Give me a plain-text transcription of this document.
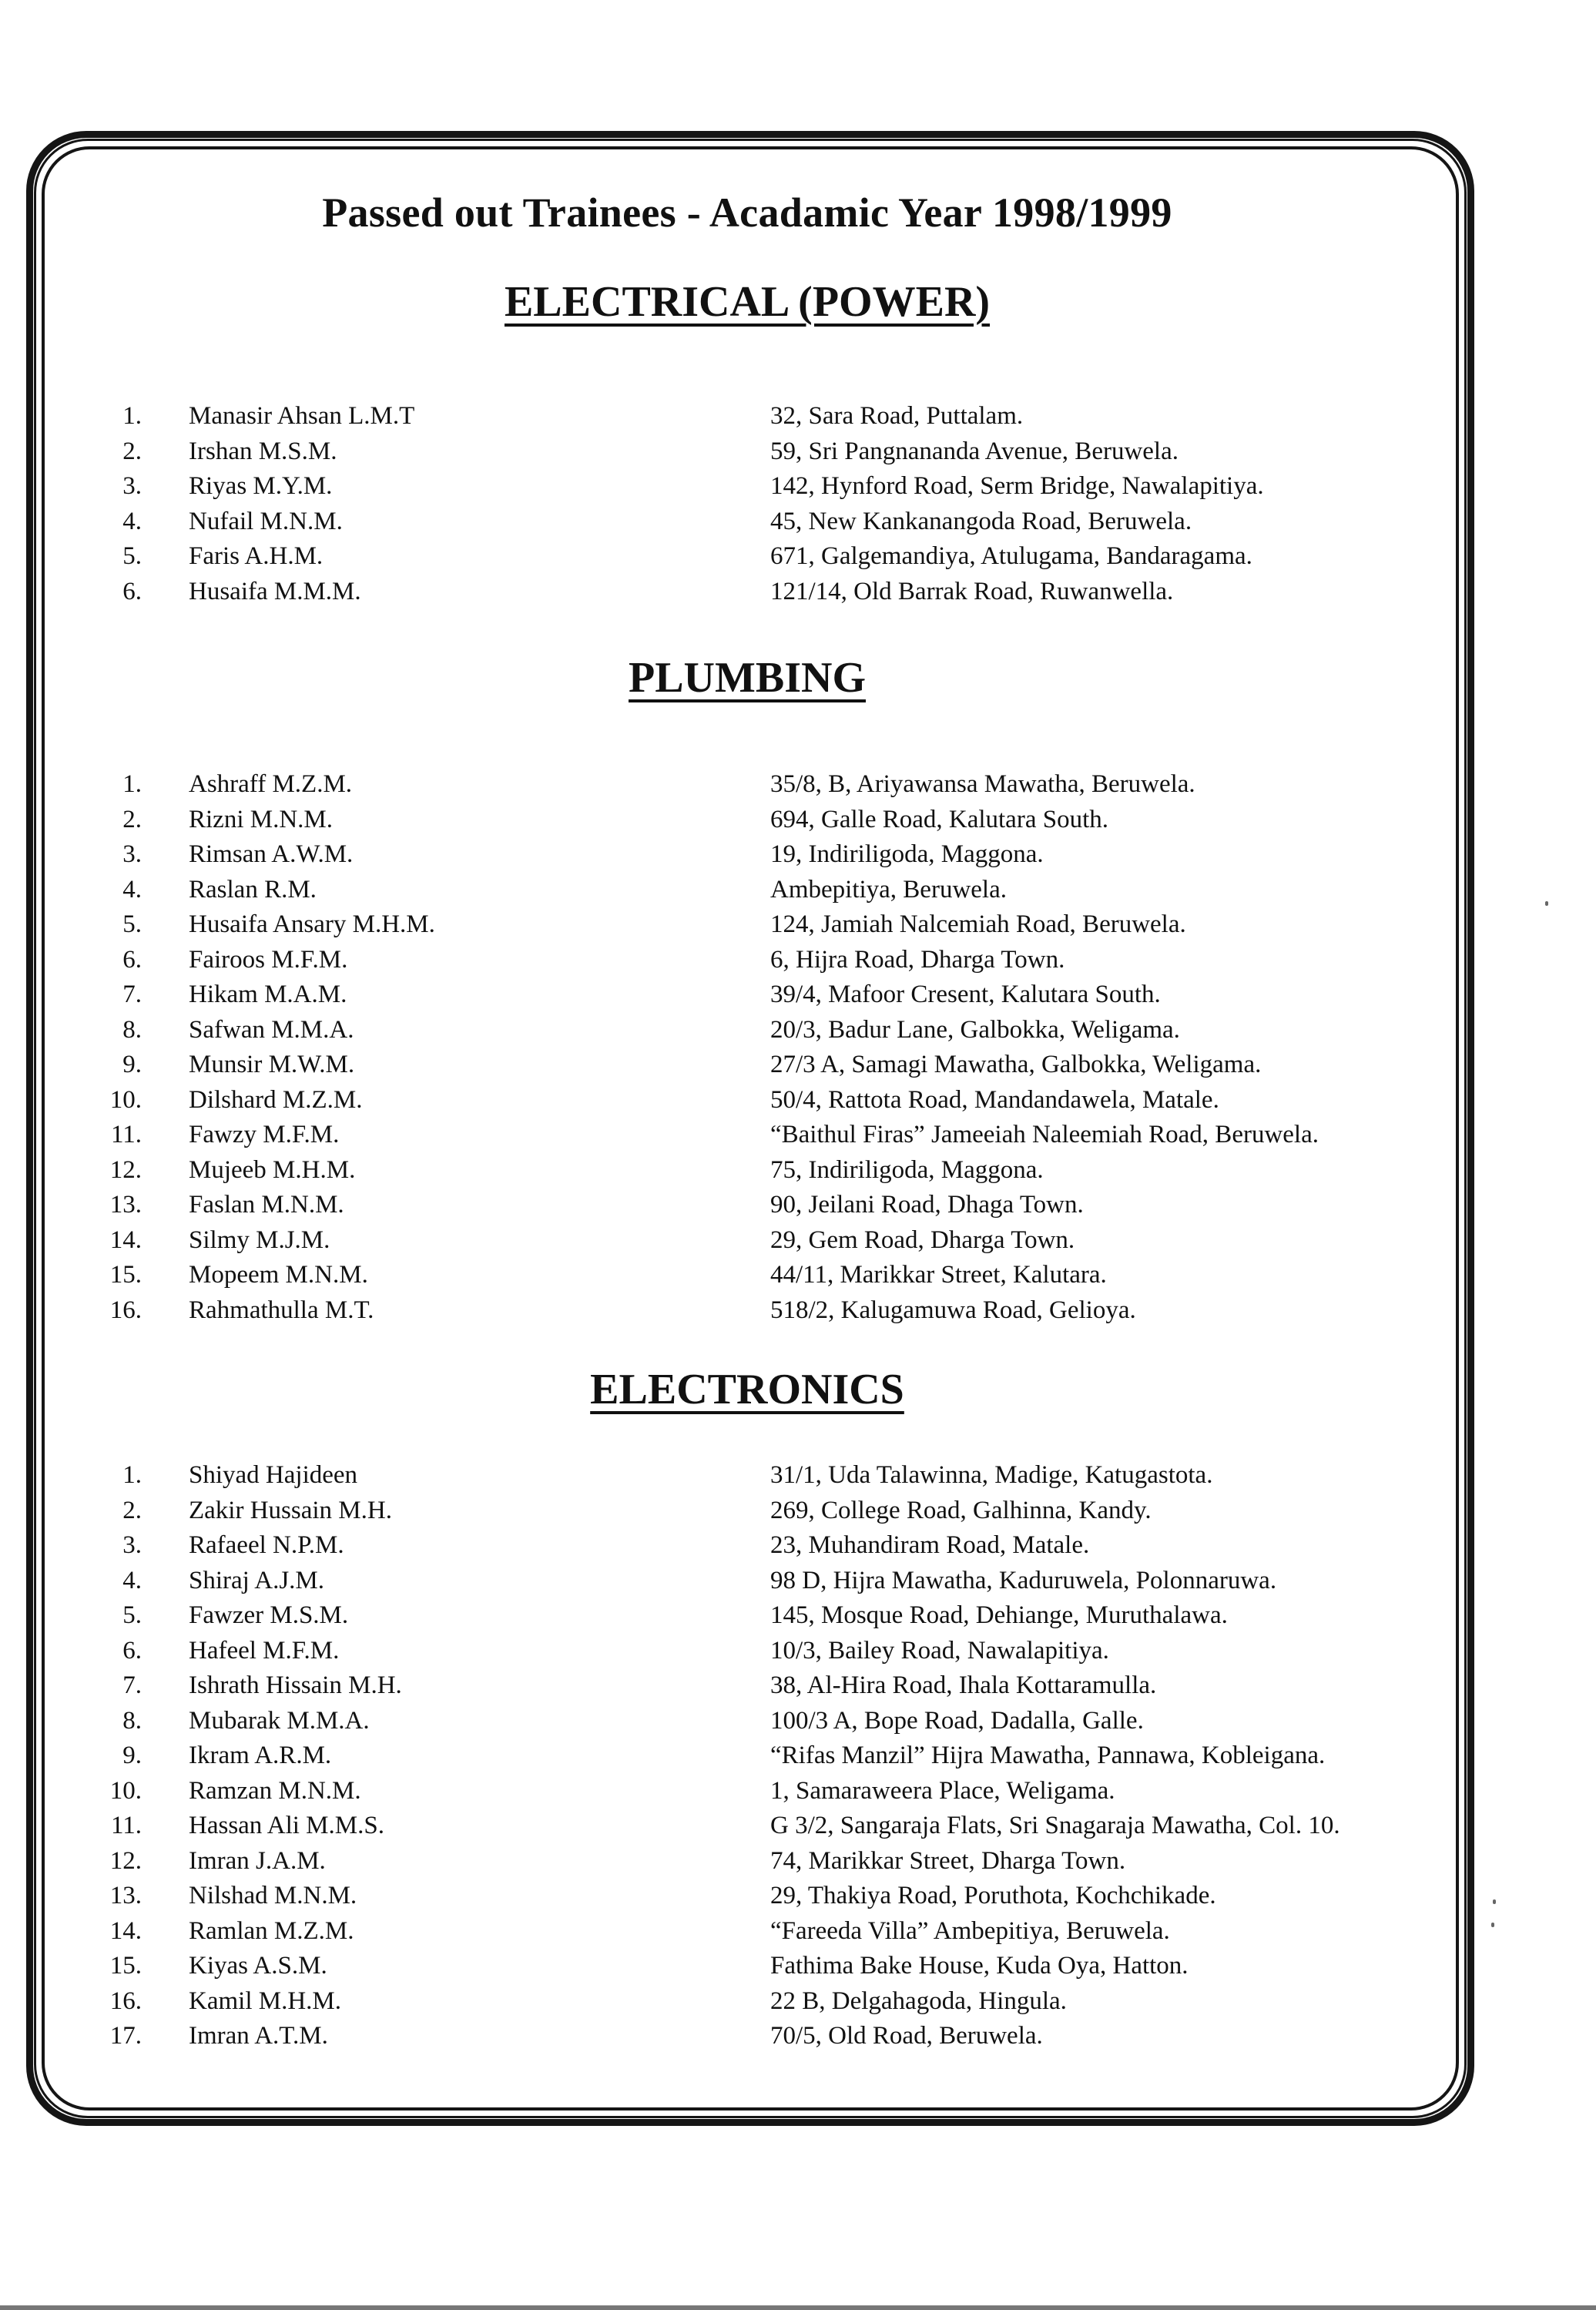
Passed out Trainees - Acadamic Year 1998/1999
ELECTRICAL (POWER)
1. Manasir Ahsan L.M.T	32, Sara Road, Puttalam.
2. Irshan M.S.M.	59, Sri Pangnananda Avenue, Beruwela.
3. Riyas M.Y.M.	142, Hynford Road, Serm Bridge, Nawalapitiya.
4. Nufail M.N.M.	45, New Kankanangoda Road, Beruwela.
5. Faris A.H.M.	671, Galgemandiya, Atulugama, Bandaragama.
6. Husaifa M.M.M.	121/14, Old Barrak Road, Ruwanwella.
PLUMBING
1. Ashraff M.Z.M.	35/8, B, Ariyawansa Mawatha, Beruwela.
2. Rizni M.N.M.	694, Galle Road, Kalutara South.
3. Rimsan A.W.M.	19, Indiriligoda, Maggona.
4. Raslan R.M.	Ambepitiya, Beruwela.
5. Husaifa Ansary M.H.M.	124, Jamiah Nalcemiah Road, Beruwela.
6. Fairoos M.F.M.	6, Hijra Road, Dharga Town.
7. Hikam M.A.M.	39/4, Mafoor Cresent, Kalutara South.
8. Safwan M.M.A.	20/3, Badur Lane, Galbokka, Weligama.
9. Munsir M.W.M.	27/3 A, Samagi Mawatha, Galbokka, Weligama.
10. Dilshard M.Z.M.	50/4, Rattota Road, Mandandawela, Matale.
11. Fawzy M.F.M.	“Baithul Firas” Jameeiah Naleemiah Road, Beruwela.
12. Mujeeb M.H.M.	75, Indiriligoda, Maggona.
13. Faslan M.N.M.	90, Jeilani Road, Dhaga Town.
14. Silmy M.J.M.	29, Gem Road, Dharga Town.
15. Mopeem M.N.M.	44/11, Marikkar Street, Kalutara.
16. Rahmathulla M.T.	518/2, Kalugamuwa Road, Gelioya.
ELECTRONICS
1. Shiyad Hajideen	31/1, Uda Talawinna, Madige, Katugastota.
2. Zakir Hussain M.H.	269, College Road, Galhinna, Kandy.
3. Rafaeel N.P.M.	23, Muhandiram Road, Matale.
4. Shiraj A.J.M.	98 D, Hijra Mawatha, Kaduruwela, Polonnaruwa.
5. Fawzer M.S.M.	145, Mosque Road, Dehiange, Muruthalawa.
6. Hafeel M.F.M.	10/3, Bailey Road, Nawalapitiya.
7. Ishrath Hissain M.H.	38, Al-Hira Road, Ihala Kottaramulla.
8. Mubarak M.M.A.	100/3 A, Bope Road, Dadalla, Galle.
9. Ikram A.R.M.	“Rifas Manzil” Hijra Mawatha, Pannawa, Kobleigana.
10. Ramzan M.N.M.	1, Samaraweera Place, Weligama.
11. Hassan Ali M.M.S.	G 3/2, Sangaraja Flats, Sri Snagaraja Mawatha, Col. 10.
12. Imran J.A.M.	74, Marikkar Street, Dharga Town.
13. Nilshad M.N.M.	29, Thakiya Road, Poruthota, Kochchikade.
14. Ramlan M.Z.M.	“Fareeda Villa” Ambepitiya, Beruwela.
15. Kiyas A.S.M.	Fathima Bake House, Kuda Oya, Hatton.
16. Kamil M.H.M.	22 B, Delgahagoda, Hingula.
17. Imran A.T.M.	70/5, Old Road, Beruwela.
